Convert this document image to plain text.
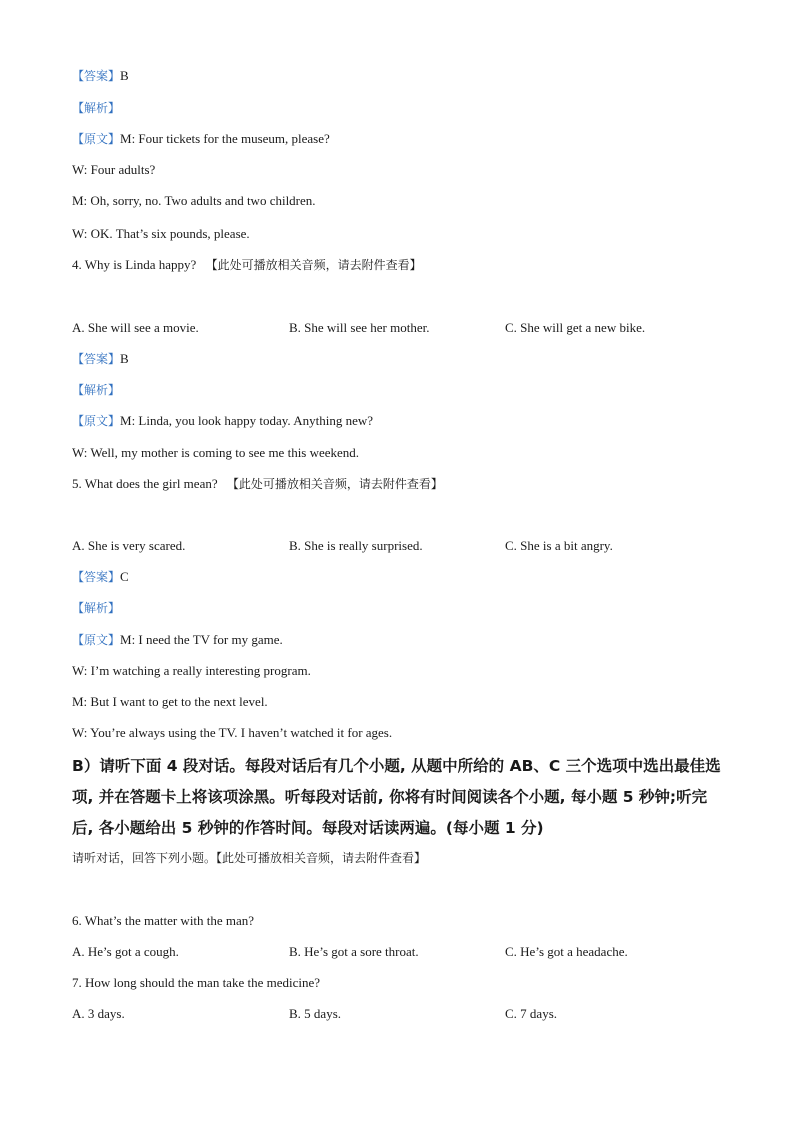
【答案】B
【解析】
【原文】M: Four tickets for the museum, please?
W: Four adults?
M: Oh, sorry, no. Two adults and two children.
W: OK. That’s six pounds, please.
4. Why is Linda happy? 【此处可播放相关音频，请去附件查看】
A. She will see a movie.	B. She will see her mother.	C. She will get a new bike.
【答案】B
【解析】
【原文】M: Linda, you look happy today. Anything new?
W: Well, my mother is coming to see me this weekend.
5. What does the girl mean? 【此处可播放相关音频，请去附件查看】
A. She is very scared.	B. She is really surprised.	C. She is a bit angry.
【答案】C
【解析】
【原文】M: I need the TV for my game.
W: I’m watching a really interesting program.
M: But I want to get to the next level.
W: You’re always using the TV. I haven’t watched it for ages.
B）请听下面 4 段对话。每段对话后有几个小题, 从题中所给的 AB、C 三个选项中选出最佳选
项, 并在答题卡上将该项涂黑。听每段对话前, 你将有时间阅读各个小题, 每小题 5 秒钟;听完
后, 各小题给出 5 秒钟的作答时间。每段对话读两遍。(每小题 1 分)
请听对话，回答下列小题。【此处可播放相关音频，请去附件查看】
6. What’s the matter with the man?
A. He’s got a cough.	B. He’s got a sore throat.	C. He’s got a headache.
7. How long should the man take the medicine?
A. 3 days.	B. 5 days.	C. 7 days.
